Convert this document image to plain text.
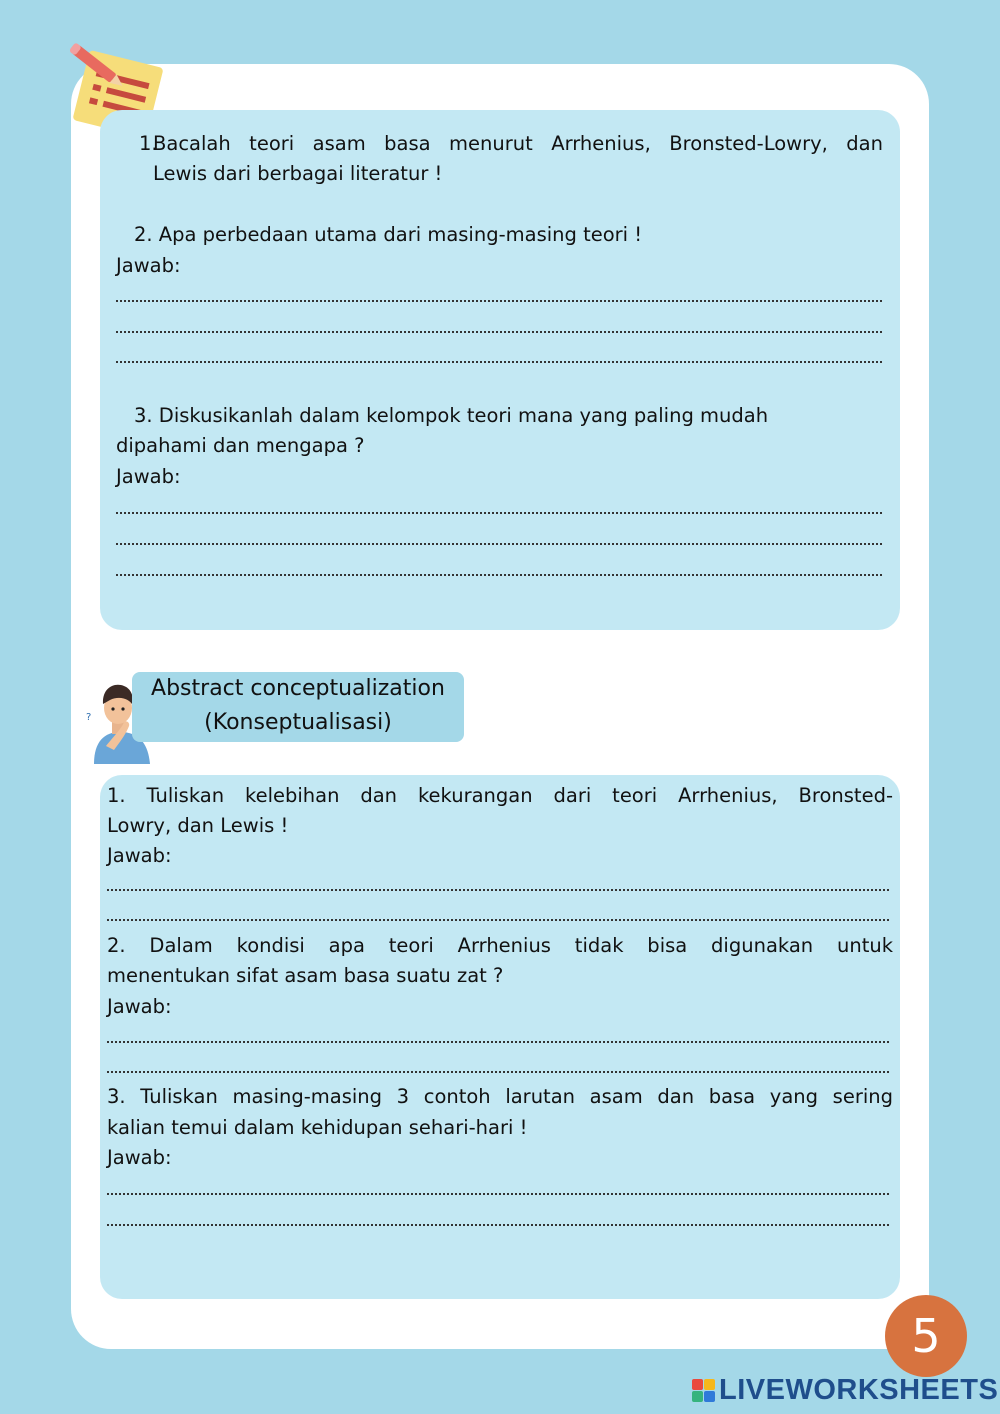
1.
Bacalah teori asam basa menurut Arrhenius, Bronsted-Lowry, dan
Lewis dari berbagai literatur !
2. Apa perbedaan utama dari masing-masing teori !
Jawab:
3. Diskusikanlah dalam kelompok teori mana yang paling mudah
dipahami dan mengapa ?
Jawab:
?
Abstract conceptualization
(Konseptualisasi)
1. Tuliskan kelebihan dan kekurangan dari teori Arrhenius, Bronsted-
Lowry, dan Lewis !
Jawab:
2. Dalam kondisi apa teori Arrhenius tidak bisa digunakan untuk
menentukan sifat asam basa suatu zat ?
Jawab:
3. Tuliskan masing-masing 3 contoh larutan asam dan basa yang sering
kalian temui dalam kehidupan sehari-hari !
Jawab:
5
LIVEWORKSHEETS
